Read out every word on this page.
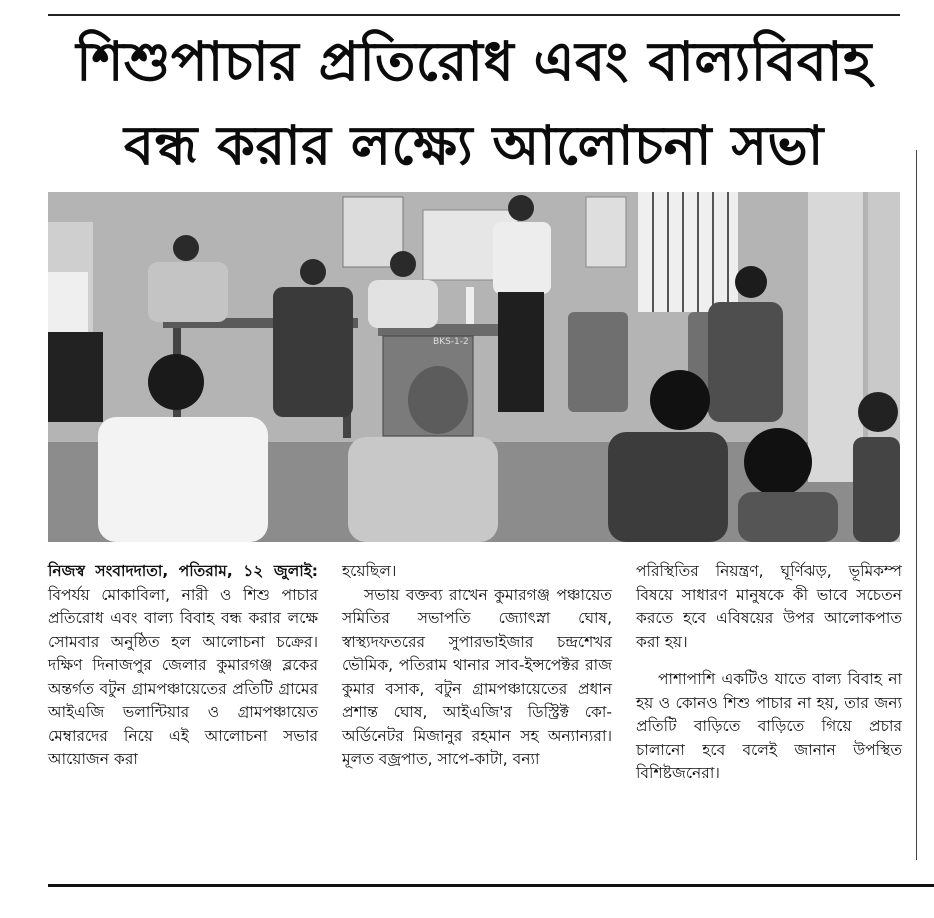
শিশুপাচার প্রতিরোধ এবং বাল্যবিবাহ
বন্ধ করার লক্ষ্যে আলোচনা সভা
BKS-1-2

নিজস্ব সংবাদদাতা, পতিরাম, ১২ জুলাই: বিপর্যয় মোকাবিলা, নারী ও শিশু পাচার প্রতিরোধ এবং বাল্য বিবাহ বন্ধ করার লক্ষে সোমবার অনুষ্ঠিত হল আলোচনা চক্রের। দক্ষিণ দিনাজপুর জেলার কুমারগঞ্জ ব্লকের অন্তর্গত বটুন গ্রামপঞ্চায়েতের প্রতিটি গ্রামের আইএজি ভলান্টিয়ার ও গ্রামপঞ্চায়েত মেম্বারদের নিয়ে এই আলোচনা সভার আয়োজন করা

হয়েছিল।

সভায় বক্তব্য রাখেন কুমারগঞ্জ পঞ্চায়েত সমিতির সভাপতি জ্যোৎস্না ঘোষ, স্বাস্থ্যদফতরের সুপারভাইজার চন্দ্রশেখর ভৌমিক, পতিরাম থানার সাব-ইন্সপেক্টর রাজ কুমার বসাক, বটুন গ্রামপঞ্চায়েতের প্রধান প্রশান্ত ঘোষ, আইএজি'র ডিস্ট্রিক্ট কো-অর্ডিনেটর মিজানুর রহমান সহ অন্যান্যরা। মূলত বজ্রপাত, সাপে-কাটা, বন্যা

পরিস্থিতির নিয়ন্ত্রণ, ঘূর্ণিঝড়, ভূমিকম্প বিষয়ে সাধারণ মানুষকে কী ভাবে সচেতন করতে হবে এবিষয়ের উপর আলোকপাত করা হয়।

পাশাপাশি একটিও যাতে বাল্য বিবাহ না হয় ও কোনও শিশু পাচার না হয়, তার জন্য প্রতিটি বাড়িতে বাড়িতে গিয়ে প্রচার চালানো হবে বলেই জানান উপস্থিত বিশিষ্টজনেরা।
